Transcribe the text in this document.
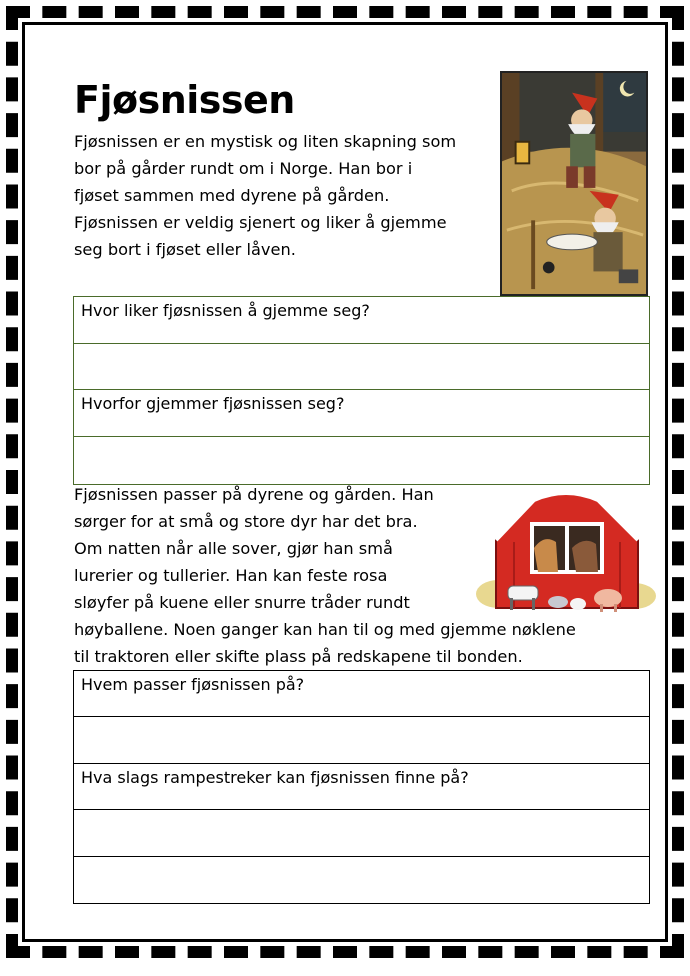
Fjøsnissen
Fjøsnissen er en mystisk og liten skapning som
bor på gårder rundt om i Norge. Han bor i
fjøset sammen med dyrene på gården.
Fjøsnissen er veldig sjenert og liker å gjemme
seg bort i fjøset eller låven.
Hvor liker fjøsnissen å gjemme seg?
Hvorfor gjemmer fjøsnissen seg?
Fjøsnissen passer på dyrene og gården. Han
sørger for at små og store dyr har det bra.
Om natten når alle sover, gjør han små
lurerier og tullerier. Han kan feste rosa
sløyfer på kuene eller snurre tråder rundt
høyballene. Noen ganger kan han til og med gjemme nøklene
til traktoren eller skifte plass på redskapene til bonden.
Hvem passer fjøsnissen på?
Hva slags rampestreker kan fjøsnissen finne på?
